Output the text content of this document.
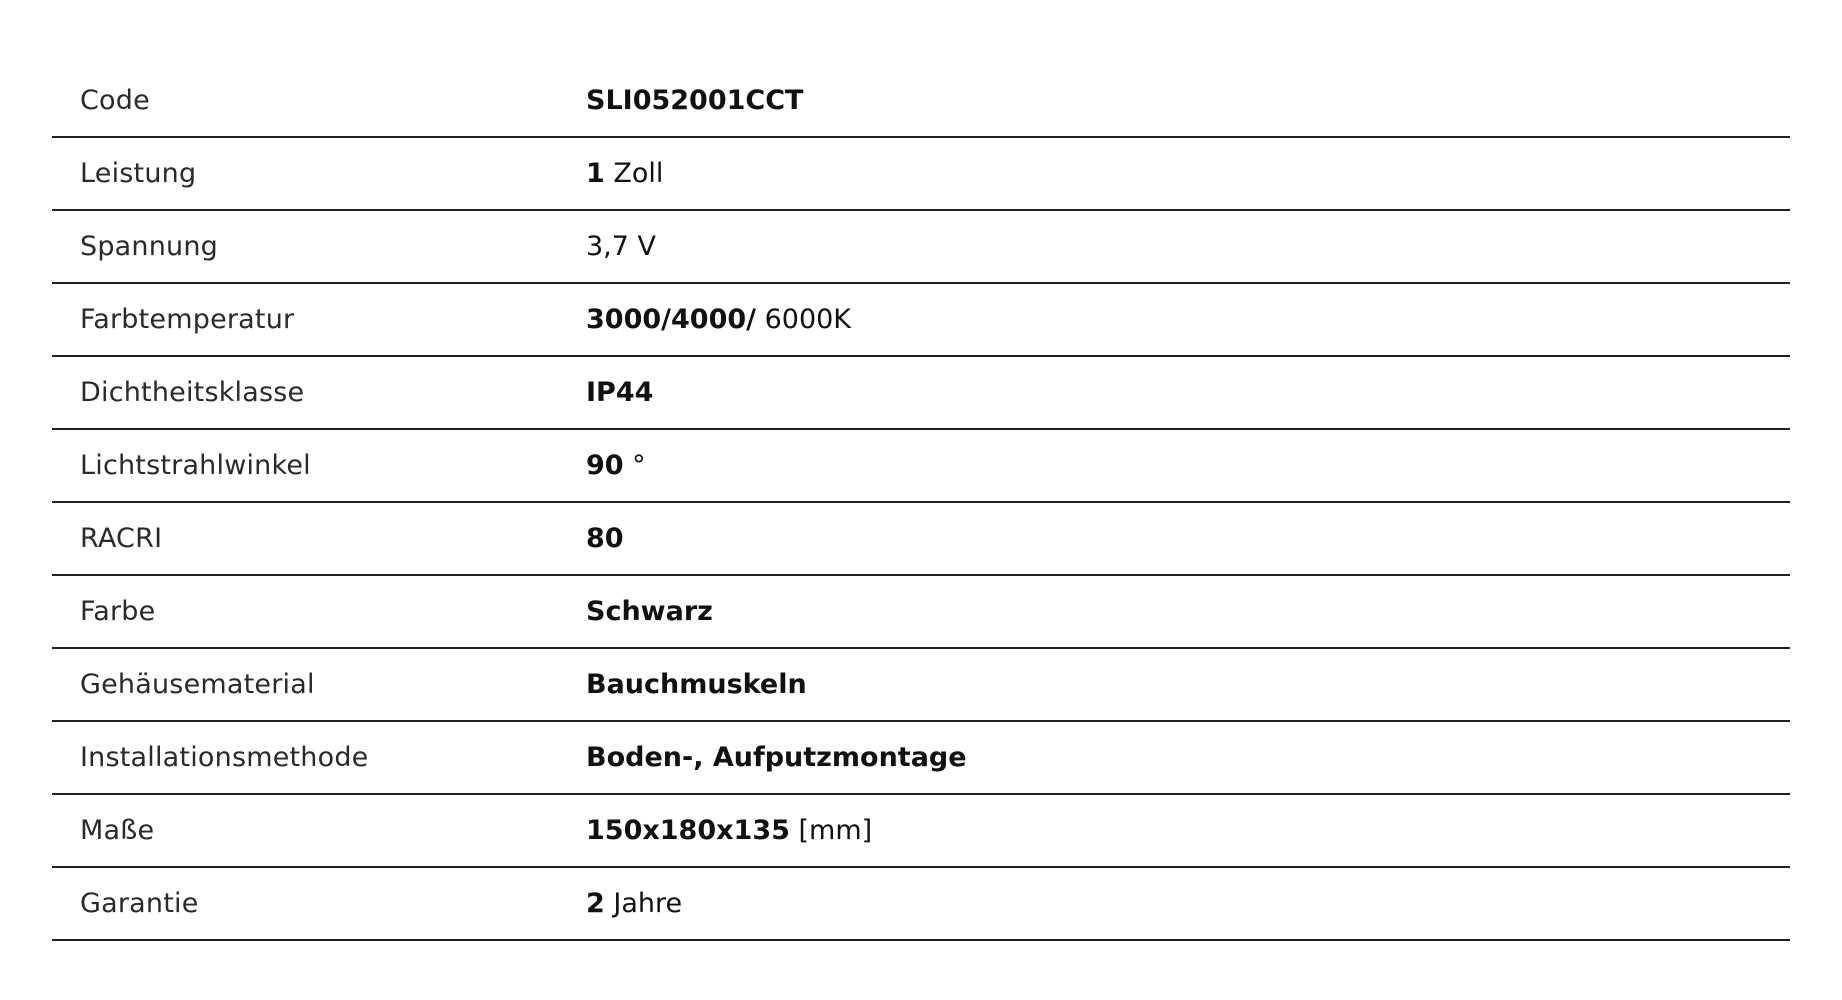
Code	SLI052001CCT
Leistung	1 Zoll
Spannung	3,7 V
Farbtemperatur	3000/4000/ 6000K
Dichtheitsklasse	IP44
Lichtstrahlwinkel	90 °
RACRI	80
Farbe	Schwarz
Gehäusematerial	Bauchmuskeln
Installationsmethode	Boden-, Aufputzmontage
Maße	150x180x135 [mm]
Garantie	2 Jahre
